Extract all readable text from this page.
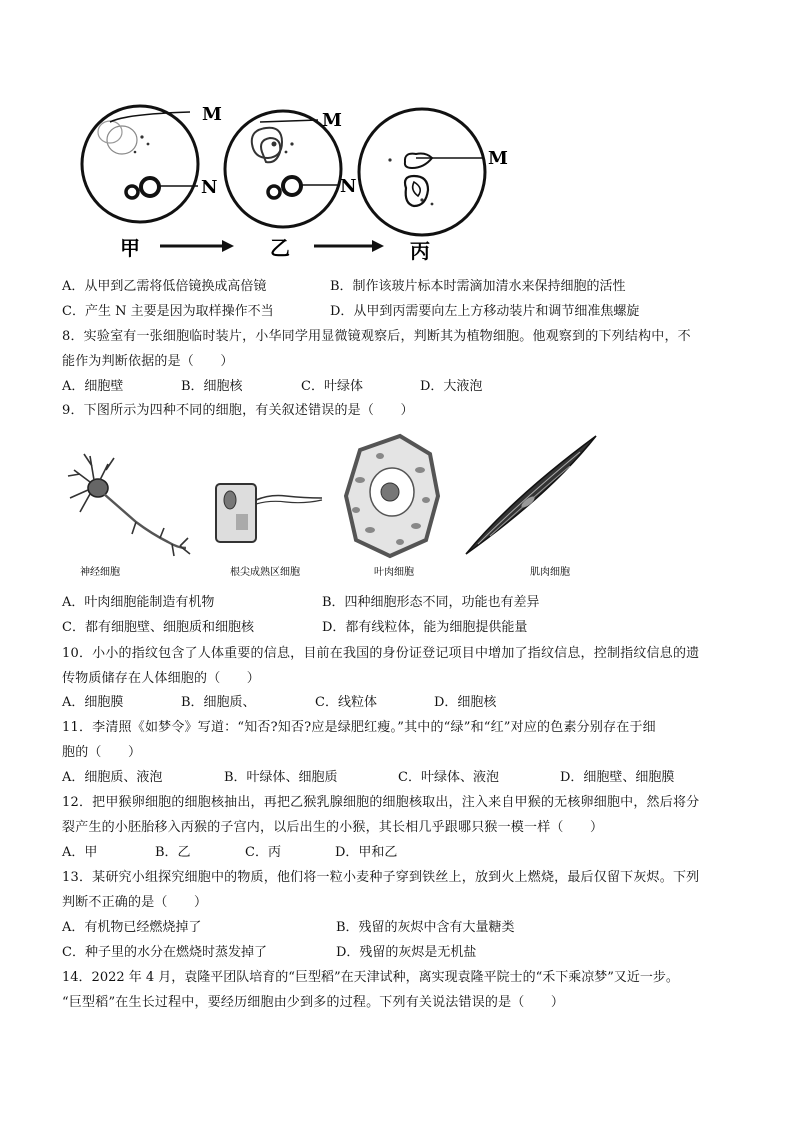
M
N
M
N
M
甲	乙	丙
A．从甲到乙需将低倍镜换成高倍镜	B．制作该玻片标本时需滴加清水来保持细胞的活性
C．产生 N 主要是因为取样操作不当	D．从甲到丙需要向左上方移动装片和调节细准焦螺旋
8．实验室有一张细胞临时装片，小华同学用显微镜观察后，判断其为植物细胞。他观察到的下列结构中，不
能作为判断依据的是（　　）
A．细胞壁	B．细胞核	C．叶绿体	D．大液泡
9．下图所示为四种不同的细胞，有关叙述错误的是（　　）
神经细胞	根尖成熟区细胞	叶肉细胞	肌肉细胞
A．叶肉细胞能制造有机物	B．四种细胞形态不同，功能也有差异
C．都有细胞壁、细胞质和细胞核	D．都有线粒体，能为细胞提供能量
10．小小的指纹包含了人体重要的信息，目前在我国的身份证登记项目中增加了指纹信息，控制指纹信息的遗
传物质储存在人体细胞的（　　）
A．细胞膜	B．细胞质、	C．线粒体	D．细胞核
11．李清照《如梦令》写道：“知否?知否?应是绿肥红瘦。”其中的“绿”和“红”对应的色素分别存在于细
胞的（　　）
A．细胞质、液泡	B．叶绿体、细胞质	C．叶绿体、液泡	D．细胞壁、细胞膜
12．把甲猴卵细胞的细胞核抽出，再把乙猴乳腺细胞的细胞核取出，注入来自甲猴的无核卵细胞中，然后将分
裂产生的小胚胎移入丙猴的子宫内，以后出生的小猴，其长相几乎跟哪只猴一模一样（　　）
A．甲	B．乙	C．丙	D．甲和乙
13．某研究小组探究细胞中的物质，他们将一粒小麦种子穿到铁丝上，放到火上燃烧，最后仅留下灰烬。下列
判断不正确的是（　　）
A．有机物已经燃烧掉了	B．残留的灰烬中含有大量糖类
C．种子里的水分在燃烧时蒸发掉了	D．残留的灰烬是无机盐
14．2022 年 4 月，袁隆平团队培育的“巨型稻”在天津试种，离实现袁隆平院士的“禾下乘凉梦”又近一步。
“巨型稻”在生长过程中，要经历细胞由少到多的过程。下列有关说法错误的是（　　）
